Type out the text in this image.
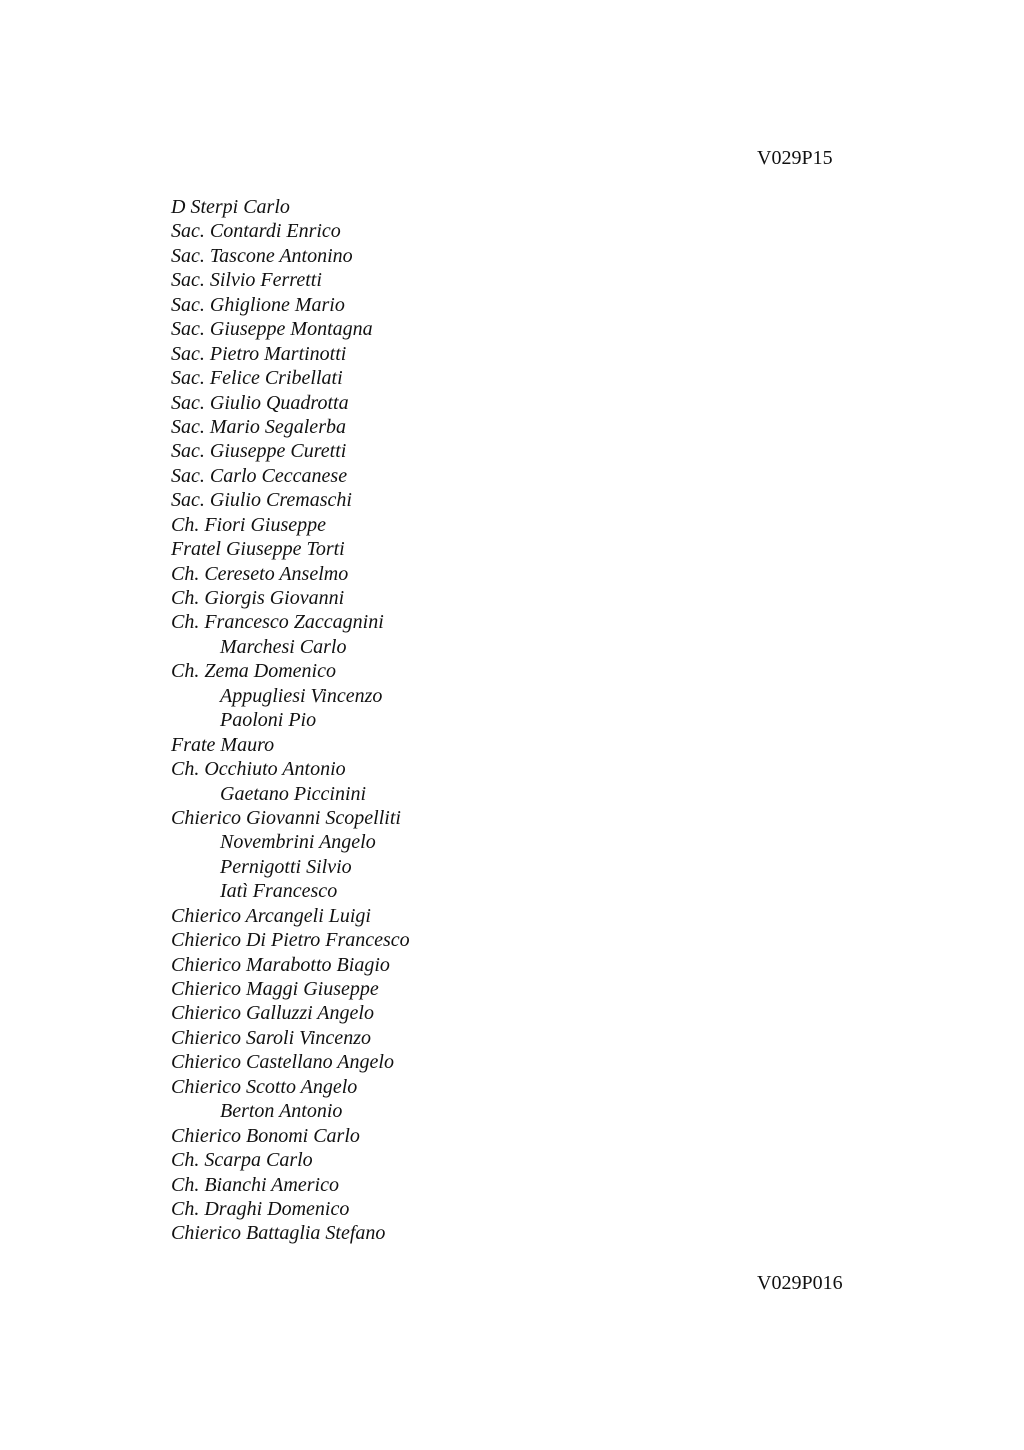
V029P15
D Sterpi Carlo
Sac. Contardi Enrico
Sac. Tascone Antonino
Sac. Silvio Ferretti
Sac. Ghiglione Mario
Sac. Giuseppe Montagna
Sac. Pietro Martinotti
Sac. Felice Cribellati
Sac. Giulio Quadrotta
Sac. Mario Segalerba
Sac. Giuseppe Curetti
Sac. Carlo Ceccanese
Sac. Giulio Cremaschi
Ch. Fiori Giuseppe
Fratel Giuseppe Torti
Ch. Cereseto Anselmo
Ch. Giorgis Giovanni
Ch. Francesco Zaccagnini
Marchesi Carlo
Ch. Zema Domenico
Appugliesi Vincenzo
Paoloni Pio
Frate Mauro
Ch. Occhiuto Antonio
Gaetano Piccinini
Chierico Giovanni Scopelliti
Novembrini Angelo
Pernigotti Silvio
Iatì Francesco
Chierico Arcangeli Luigi
Chierico Di Pietro Francesco
Chierico Marabotto Biagio
Chierico Maggi Giuseppe
Chierico Galluzzi Angelo
Chierico Saroli Vincenzo
Chierico Castellano Angelo
Chierico Scotto Angelo
Berton Antonio
Chierico Bonomi Carlo
Ch. Scarpa Carlo
Ch. Bianchi Americo
Ch. Draghi Domenico
Chierico Battaglia Stefano
V029P016
